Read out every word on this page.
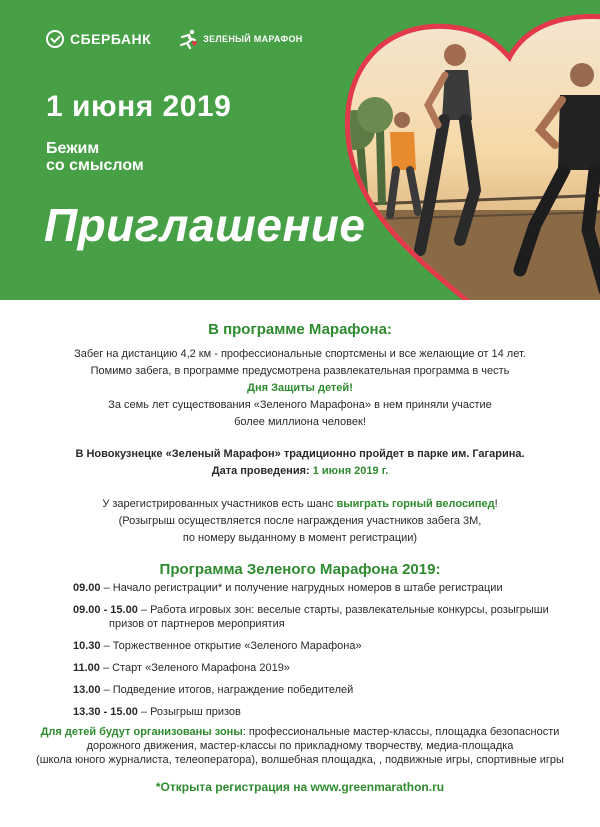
СБЕРБАНК	ЗЕЛЕНЫЙ МАРАФОН
1 июня 2019
Бежим
со смыслом
Приглашение
В программе Марафона:
Забег на дистанцию 4,2 км - профессиональные спортсмены и все желающие от 14 лет.
Помимо забега, в программе предусмотрена развлекательная программа в честь
Дня Защиты детей!
За семь лет существования «Зеленого Марафона» в нем приняли участие
более миллиона человек!
В Новокузнецке «Зеленый Марафон» традиционно пройдет в парке им. Гагарина.
Дата проведения: 1 июня 2019 г.
У зарегистрированных участников есть шанс выиграть горный велосипед!
(Розыгрыш осуществляется после награждения участников забега 3М,
по номеру выданному в момент регистрации)
Программа Зеленого Марафона 2019:
09.00 – Начало регистрации* и получение нагрудных номеров в штабе регистрации
09.00 - 15.00 – Работа игровых зон: веселые старты, развлекательные конкурсы, розыгрыши
призов от партнеров мероприятия
10.30 – Торжественное открытие «Зеленого Марафона»
11.00 – Старт «Зеленого Марафона 2019»
13.00 – Подведение итогов, награждение победителей
13.30 - 15.00 – Розыгрыш призов
Для детей будут организованы зоны: профессиональные мастер-классы, площадка безопасности
дорожного движения, мастер-классы по прикладному творчеству, медиа-площадка
(школа юного журналиста, телеоператора), волшебная площадка, , подвижные игры, спортивные игры
*Открыта регистрация на www.greenmarathon.ru
